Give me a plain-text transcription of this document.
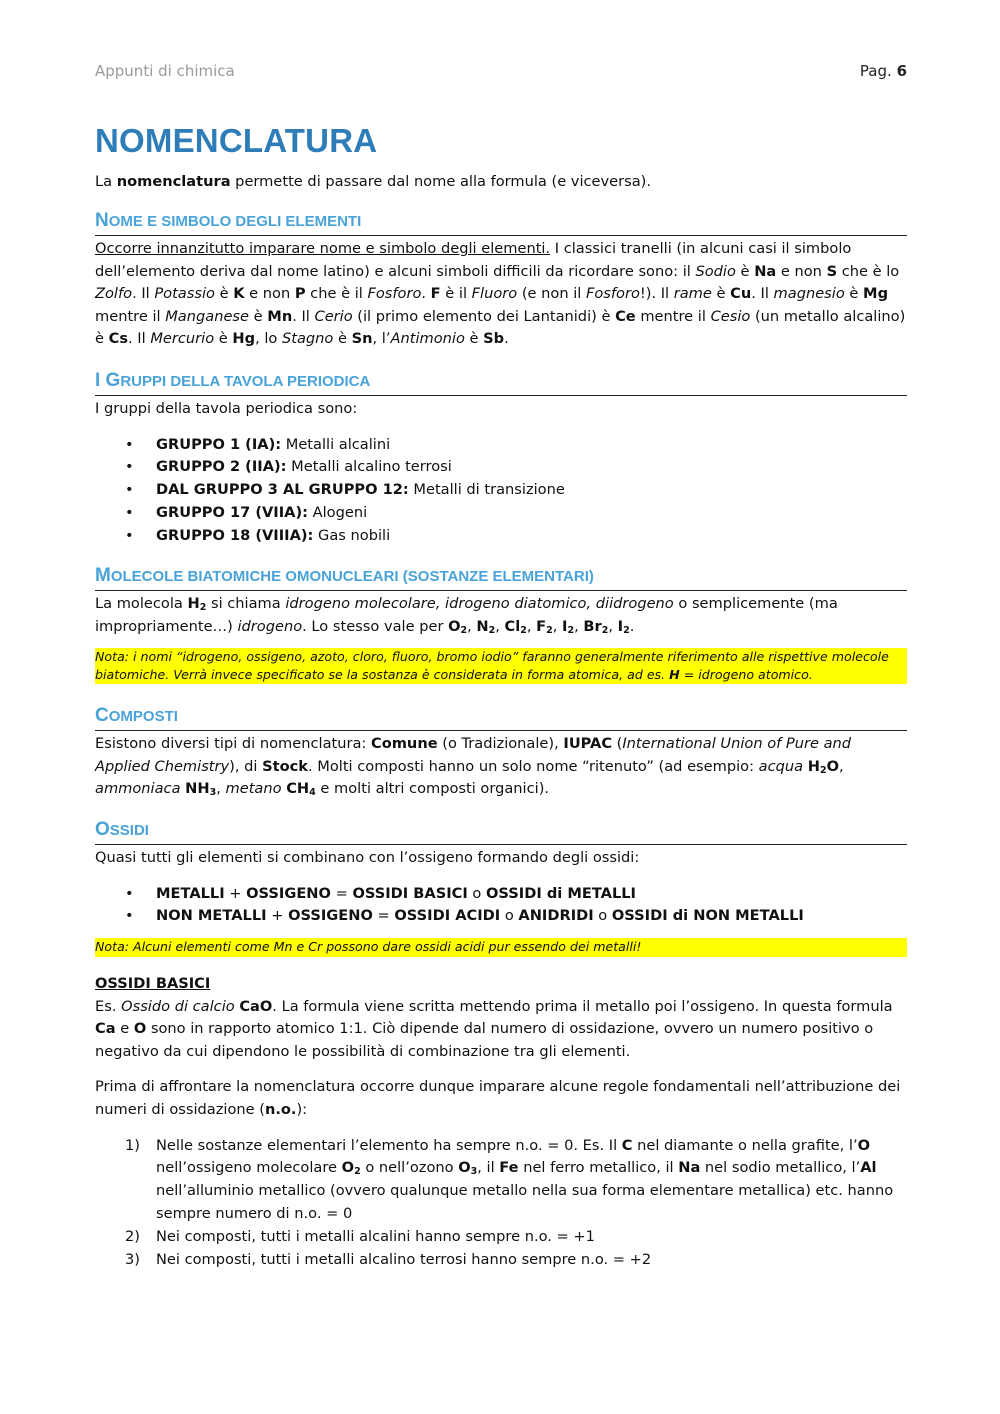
Appunti di chimica	Pag. 6
NOMENCLATURA

La nomenclatura permette di passare dal nome alla formula (e viceversa).

NOME E SIMBOLO DEGLI ELEMENTI

Occorre innanzitutto imparare nome e simbolo degli elementi. I classici tranelli (in alcuni casi il simbolo dell’elemento deriva dal nome latino) e alcuni simboli difficili da ricordare sono: il Sodio è Na e non S che è lo Zolfo. Il Potassio è K e non P che è il Fosforo. F è il Fluoro (e non il Fosforo!). Il rame è Cu. Il magnesio è Mg mentre il Manganese è Mn. Il Cerio (il primo elemento dei Lantanidi) è Ce mentre il Cesio (un metallo alcalino) è Cs. Il Mercurio è Hg, lo Stagno è Sn, l’Antimonio è Sb.

I GRUPPI DELLA TAVOLA PERIODICA

I gruppi della tavola periodica sono:

• GRUPPO 1 (IA): Metalli alcalini
• GRUPPO 2 (IIA): Metalli alcalino terrosi
• DAL GRUPPO 3 AL GRUPPO 12: Metalli di transizione
• GRUPPO 17 (VIIA): Alogeni
• GRUPPO 18 (VIIIA): Gas nobili
MOLECOLE BIATOMICHE OMONUCLEARI (SOSTANZE ELEMENTARI)

La molecola $H_2$ si chiama idrogeno molecolare, idrogeno diatomico, diidrogeno o semplicemente (ma impropriamente…) idrogeno. Lo stesso vale per $O_2$, $N_2$, $Cl_2$, $F_2$, $I_2$, $Br_2$, $I_2$.

Nota: i nomi “idrogeno, ossigeno, azoto, cloro, fluoro, bromo iodio” faranno generalmente riferimento alle rispettive molecole biatomiche. Verrà invece specificato se la sostanza è considerata in forma atomica, ad es. H = idrogeno atomico.

COMPOSTI

Esistono diversi tipi di nomenclatura: Comune (o Tradizionale), IUPAC (International Union of Pure and Applied Chemistry), di Stock. Molti composti hanno un solo nome “ritenuto” (ad esempio: acqua $H_2O$, ammoniaca $NH_3$, metano $CH_4$ e molti altri composti organici).

OSSIDI

Quasi tutti gli elementi si combinano con l’ossigeno formando degli ossidi:

• METALLI + OSSIGENO = OSSIDI BASICI o OSSIDI di METALLI
• NON METALLI + OSSIGENO = OSSIDI ACIDI o ANIDRIDI o OSSIDI di NON METALLI

Nota: Alcuni elementi come Mn e Cr possono dare ossidi acidi pur essendo dei metalli!

OSSIDI BASICI

Es. Ossido di calcio CaO. La formula viene scritta mettendo prima il metallo poi l’ossigeno. In questa formula Ca e O sono in rapporto atomico 1:1. Ciò dipende dal numero di ossidazione, ovvero un numero positivo o negativo da cui dipendono le possibilità di combinazione tra gli elementi.

Prima di affrontare la nomenclatura occorre dunque imparare alcune regole fondamentali nell’attribuzione dei numeri di ossidazione (n.o.):

1) Nelle sostanze elementari l’elemento ha sempre n.o. = 0. Es. Il C nel diamante o nella grafite, l’O nell’ossigeno molecolare $O_2$ o nell’ozono $O_3$, il Fe nel ferro metallico, il Na nel sodio metallico, l’Al nell’alluminio metallico (ovvero qualunque metallo nella sua forma elementare metallica) etc. hanno sempre numero di n.o. = 0
2) Nei composti, tutti i metalli alcalini hanno sempre n.o. = +1
3) Nei composti, tutti i metalli alcalino terrosi hanno sempre n.o. = +2
